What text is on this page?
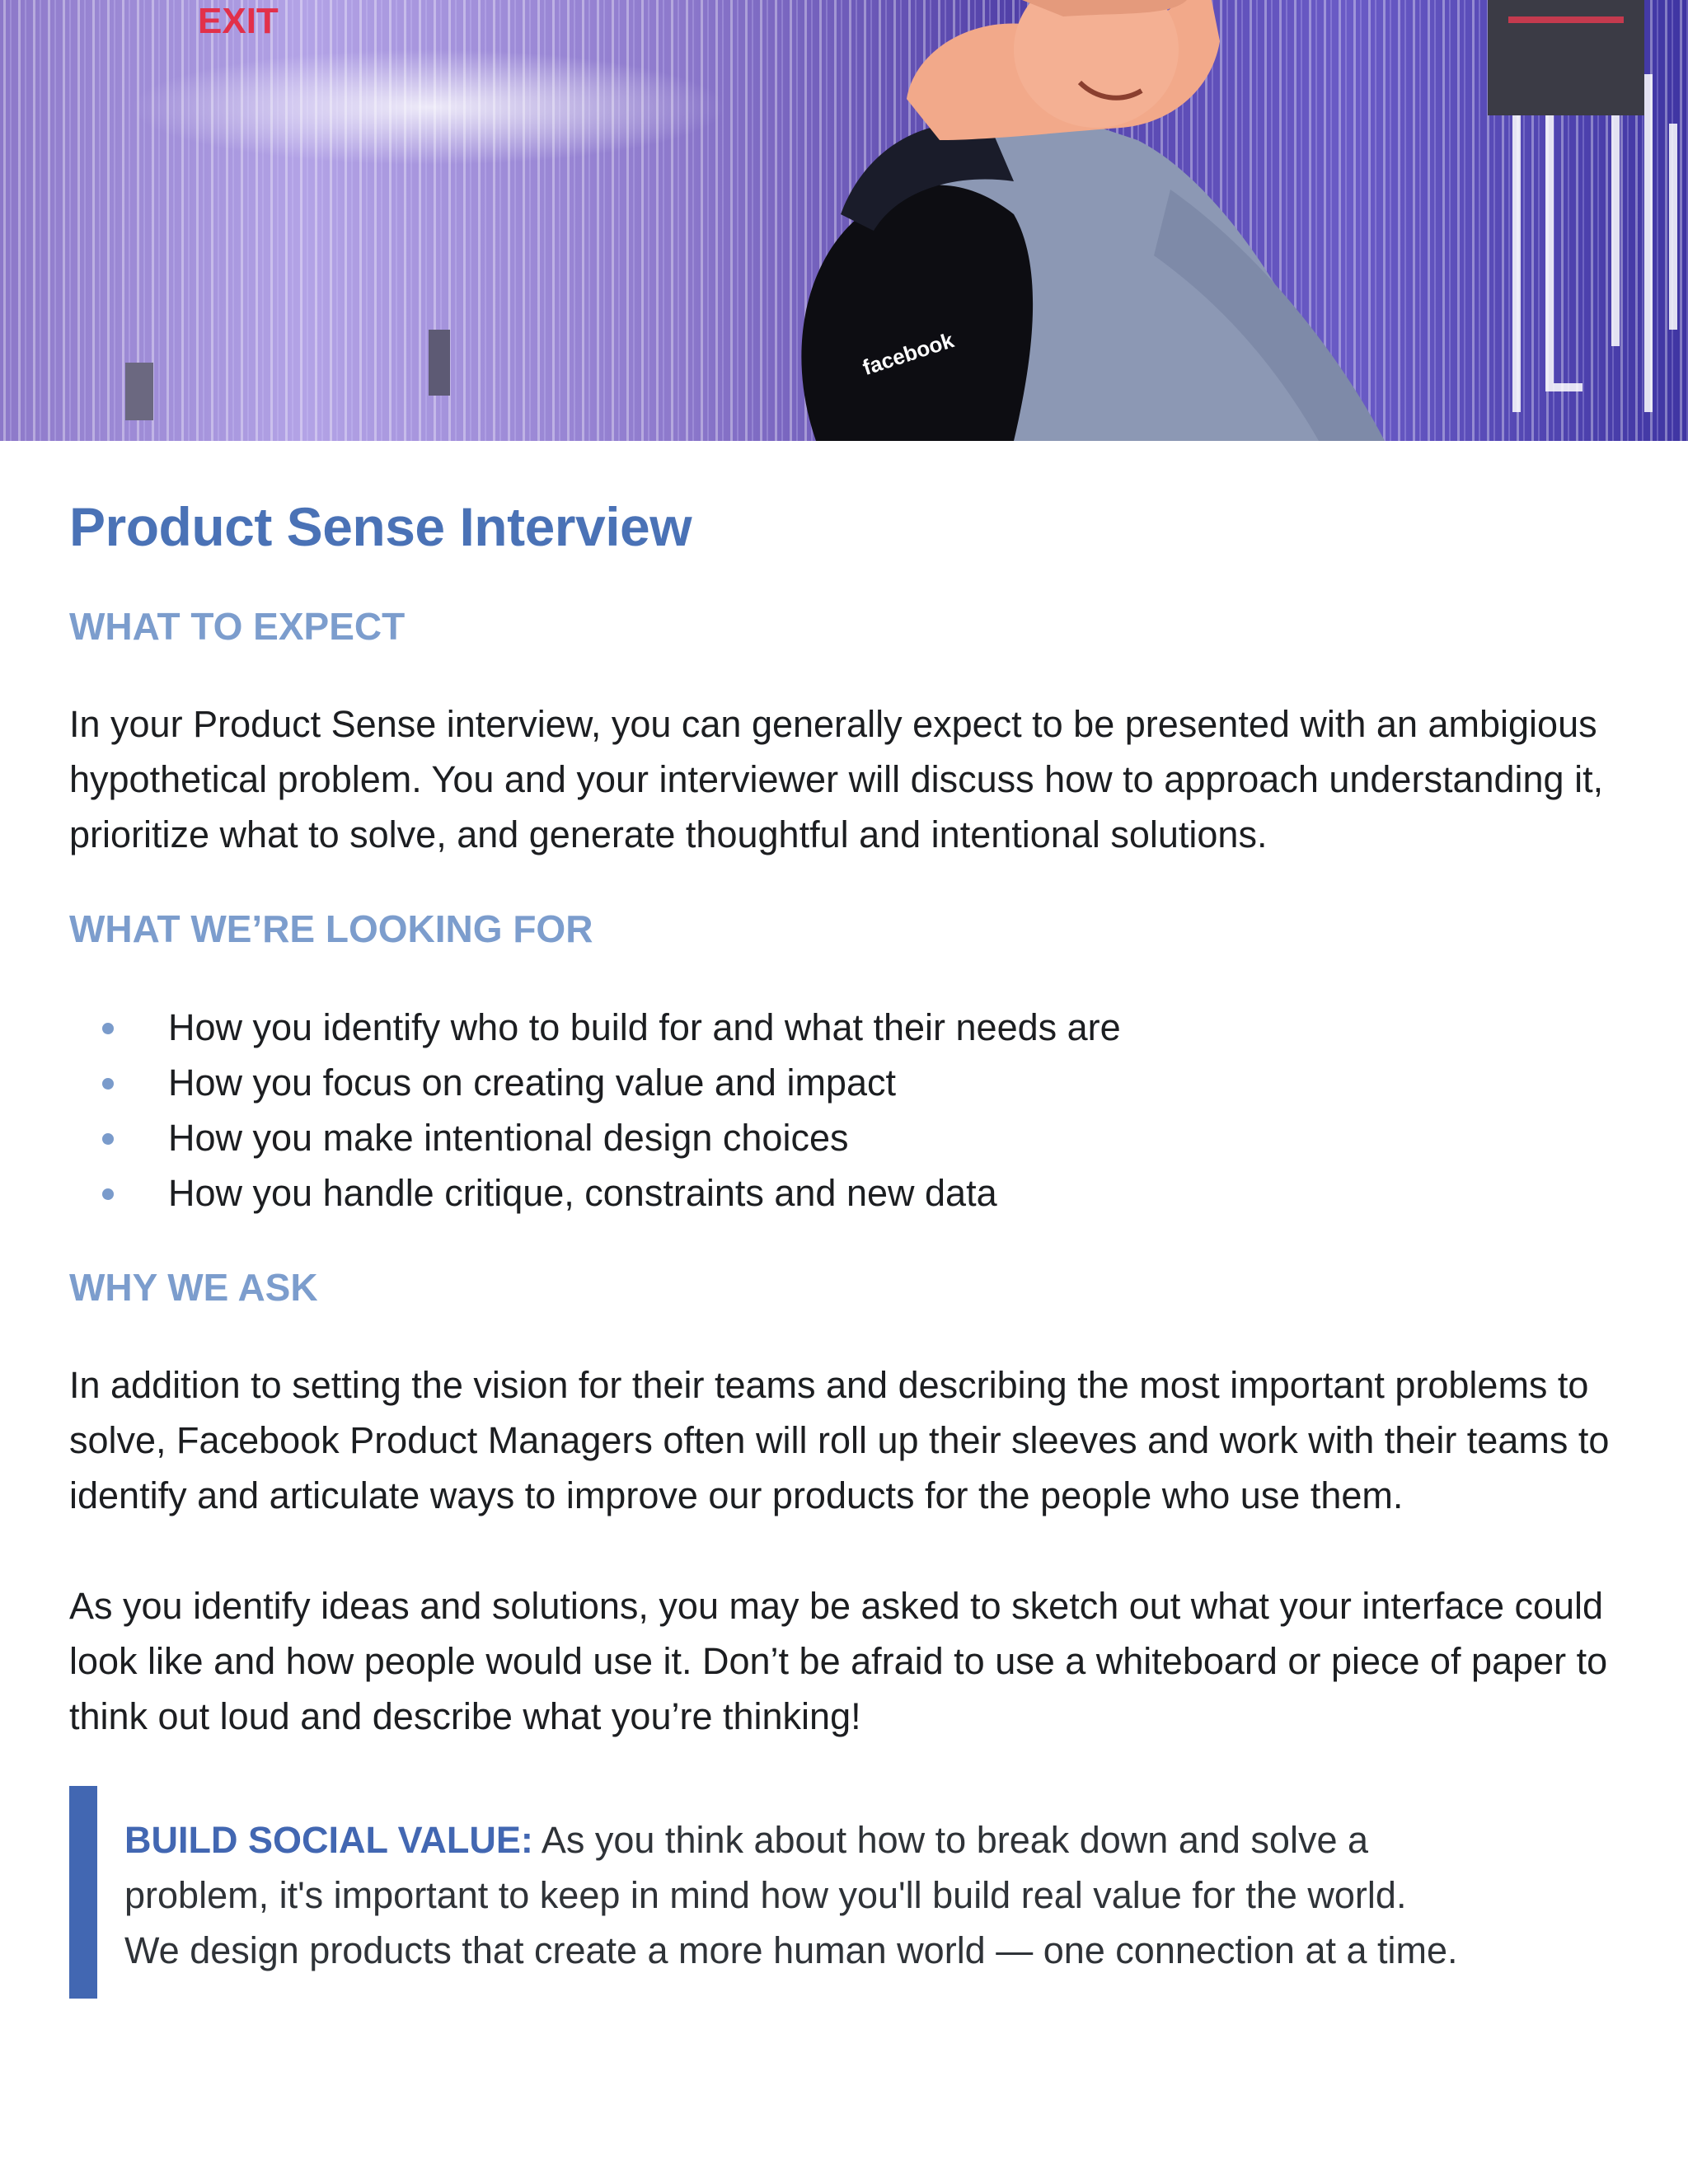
EXIT
facebook
Product Sense Interview
WHAT TO EXPECT
In your Product Sense interview, you can generally expect to be presented with an ambigious hypothetical problem. You and your interviewer will discuss how to approach understanding it, prioritize what to solve, and generate thoughtful and intentional solutions.
WHAT WE’RE LOOKING FOR
How you identify who to build for and what their needs are
How you focus on creating value and impact
How you make intentional design choices
How you handle critique, constraints and new data
WHY WE ASK
In addition to setting the vision for their teams and describing the most important problems to solve, Facebook Product Managers often will roll up their sleeves and work with their teams to identify and articulate ways to improve our products for the people who use them.
As you identify ideas and solutions, you may be asked to sketch out what your interface could look like and how people would use it. Don’t be afraid to use a whiteboard or piece of paper to think out loud and describe what you’re thinking!
BUILD SOCIAL VALUE: As you think about how to break down and solve a
problem, it's important to keep in mind how you'll build real value for the world.
We design products that create a more human world — one connection at a time.
